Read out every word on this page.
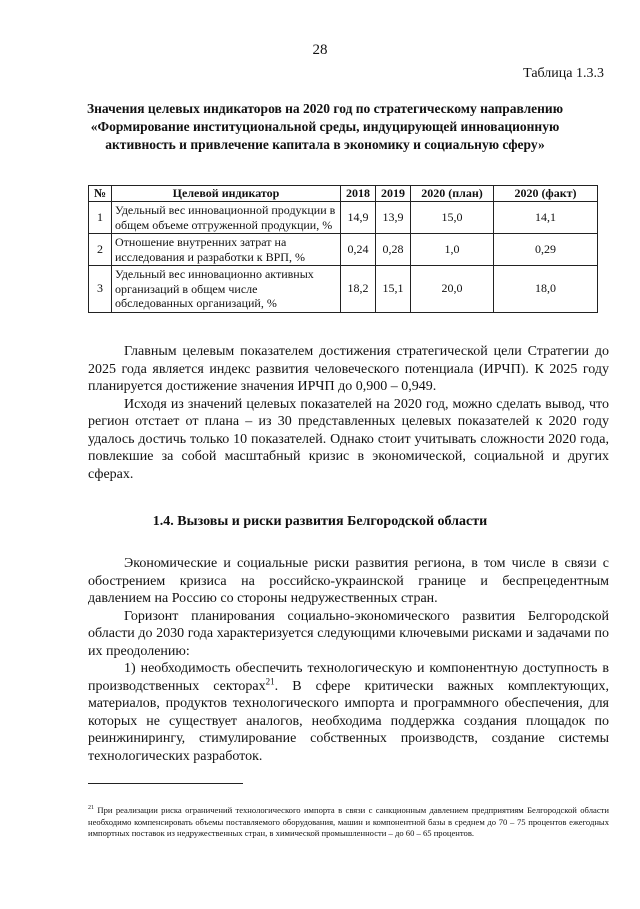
28
Таблица 1.3.3
Значения целевых индикаторов на 2020 год по стратегическому направлению «Формирование институциональной среды, индуцирующей инновационную активность и привлечение капитала в экономику и социальную сферу»
№	Целевой индикатор	2018	2019	2020 (план)	2020 (факт)
1	Удельный вес инновационной продукции в общем объеме отгруженной продукции, %	14,9	13,9	15,0	14,1
2	Отношение внутренних затрат на исследования и разработки к ВРП, %	0,24	0,28	1,0	0,29
3	Удельный вес инновационно активных организаций в общем числе обследованных организаций, %	18,2	15,1	20,0	18,0

Главным целевым показателем достижения стратегической цели Стратегии до 2025 года является индекс развития человеческого потенциала (ИРЧП). К 2025 году планируется достижение значения ИРЧП до 0,900 – 0,949.

Исходя из значений целевых показателей на 2020 год, можно сделать вывод, что регион отстает от плана – из 30 представленных целевых показателей к 2020 году удалось достичь только 10 показателей. Однако стоит учитывать сложности 2020 года, повлекшие за собой масштабный кризис в экономической, социальной и других сферах.

1.4. Вызовы и риски развития Белгородской области

Экономические и социальные риски развития региона, в том числе в связи с обострением кризиса на российско-украинской границе и беспрецедентным давлением на Россию со стороны недружественных стран.

Горизонт планирования социально-экономического развития Белгородской области до 2030 года характеризуется следующими ключевыми рисками и задачами по их преодолению:

1) необходимость обеспечить технологическую и компонентную доступность в производственных секторах$^{21}$. В сфере критически важных комплектующих, материалов, продуктов технологического импорта и программного обеспечения, для которых не существует аналогов, необходима поддержка создания площадок по реинжинирингу, стимулирование собственных производств, создание системы технологических разработок.

$^{21}$ При реализации риска ограничений технологического импорта в связи с санкционным давлением предприятиям Белгородской области необходимо компенсировать объемы поставляемого оборудования, машин и компонентной базы в среднем до 70 – 75 процентов ежегодных импортных поставок из недружественных стран, в химической промышленности – до 60 – 65 процентов.
